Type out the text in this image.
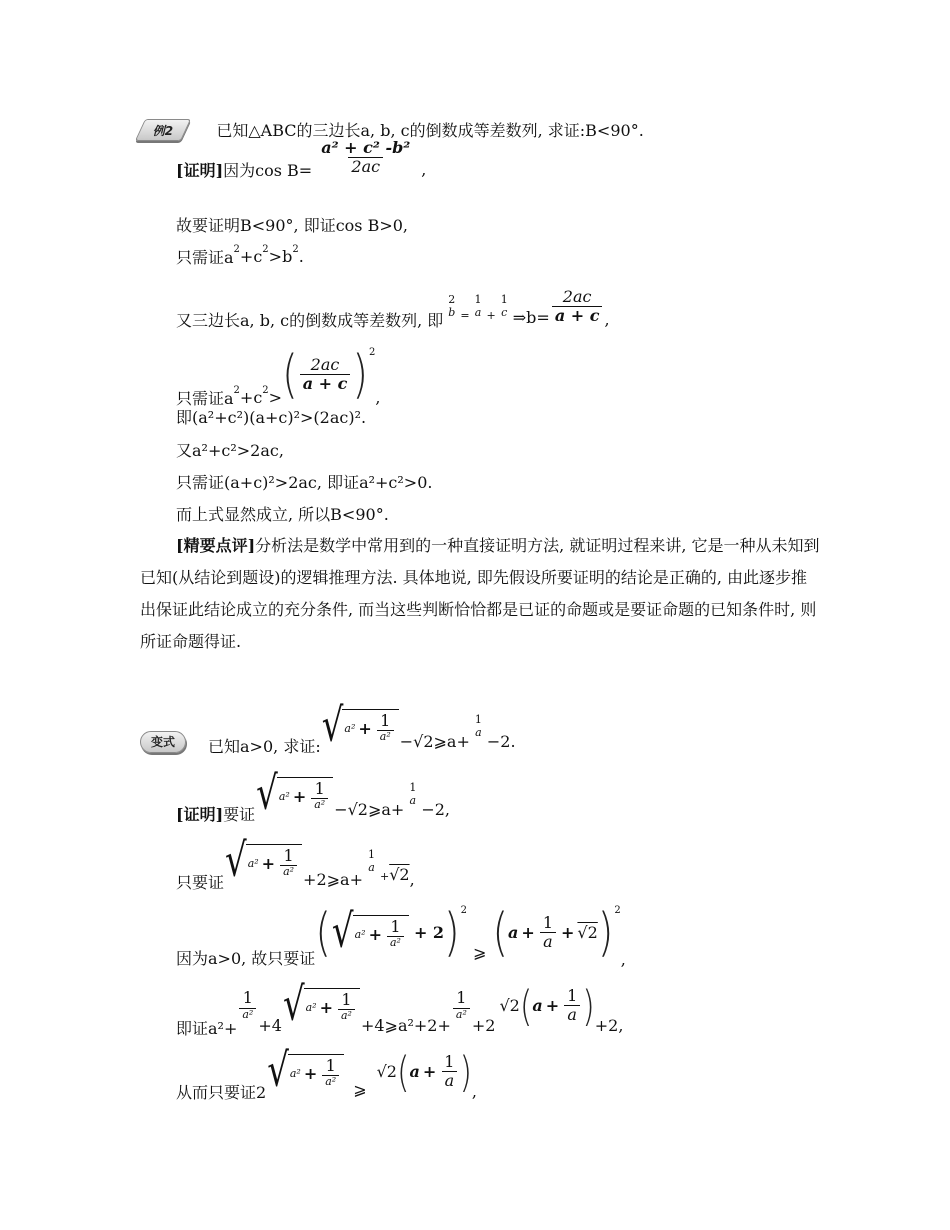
例2	已知△ABC的三边长a, b, c的倒数成等差数列, 求证:B<90°.
[证明] 因为$\cos B= \frac{\text{a² + c² -b²}}{2ac}$ ,
故要证明B<90°, 即证cos B>0,
只需证a 2 +c 2 >b 2 .
又三边长a, b, c的倒数成等差数列, 即
2
b =
1
a +
1
c ⇒b= $\frac{2ac}{a + c}$ ,
只需证a 2 +c 2 > ( $\frac{2ac}{a + c}$ ) 2
,
即(a²+c²)(a+c)²>(2ac)².
又a²+c²>2ac,
只需证(a+c)²>2ac, 即证a²+c²>0.
而上式显然成立, 所以B<90°.
[精要点评]分析法是数学中常用到的一种直接证明方法, 就证明过程来讲, 它是一种从未知到已知(从结论到题设)的逻辑推理方法. 具体地说, 即先假设所要证明的结论是正确的, 由此逐步推出保证此结论成立的充分条件, 而当这些判断恰恰都是已证的命题或是要证命题的已知条件时, 则所证命题得证.
变式	已知a>0, 求证: √ $a^2 + \frac{1}{\text{a²}} -√2$ ⩾a+
1
a −2.
[证明] 要证 √ $a^2 + \frac{1}{\text{a²}} -√2$ ⩾a+
1
a −2,
只要证 √ $a^2 + \frac{1}{\text{a²}}$
+2⩾a+
1
a
+ √2 ,
因为a>0, 故只要证 ( √ $a^2 + \frac{1}{\text{a²}} + 2$ ) 2
⩾ ( $a + \frac{1}{a} + √2$ ) 2
,
即证a²+
$\frac{1}{\text{a²}}$
+4 √ $a^2 + \frac{1}{\text{a²}}$
+4⩾a²+2+
$\frac{1}{\text{a²}}$
+2
√2 ( $a + \frac{1}{a}$ ) +2,
从而只要证2 √ $a^2 + \frac{1}{\text{a²}}$
⩾
√2 ( $a + \frac{1}{a}$ ) ,
